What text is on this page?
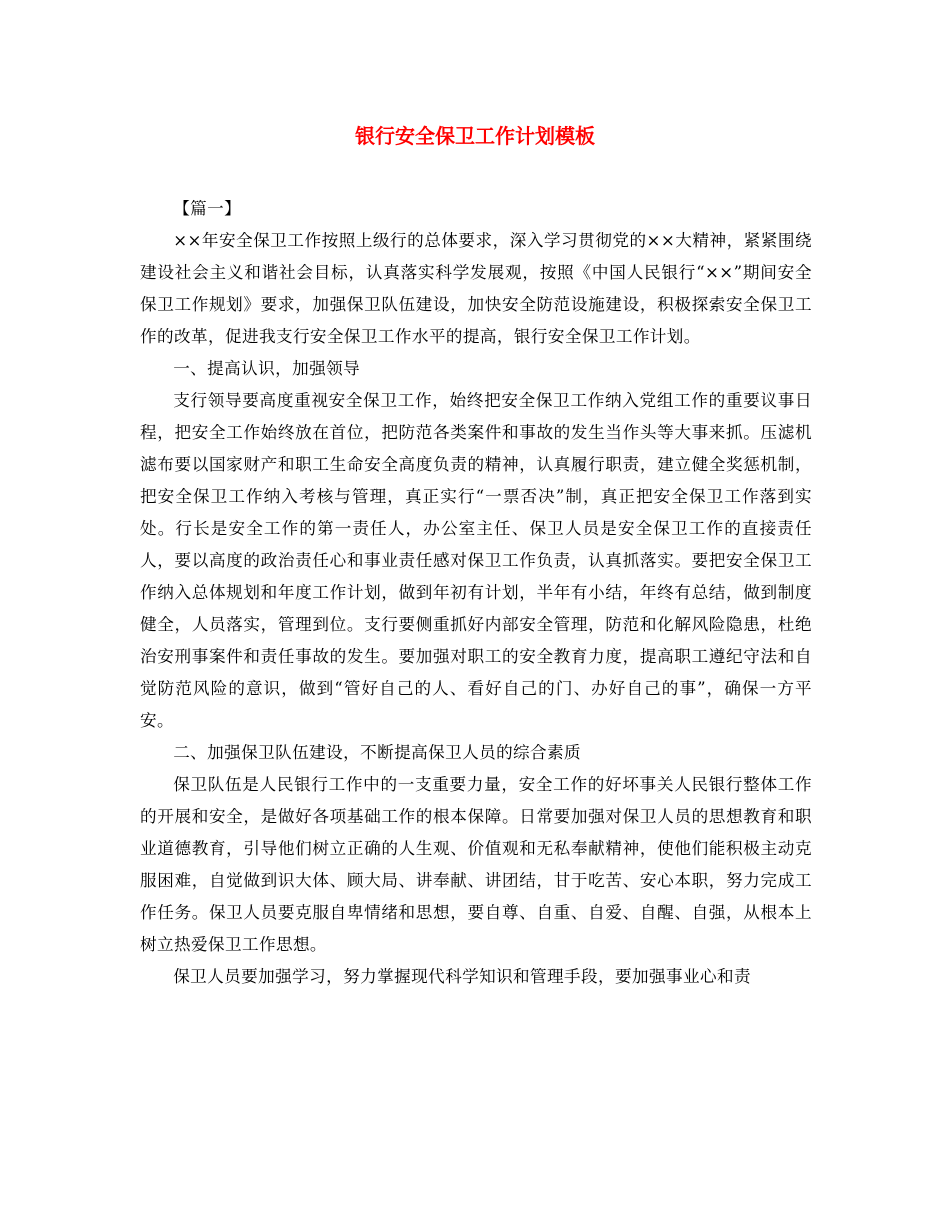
银行安全保卫工作计划模板

【篇一】

××年安全保卫工作按照上级行的总体要求，深入学习贯彻党的××大精神，紧紧围绕建设社会主义和谐社会目标，认真落实科学发展观，按照《中国人民银行“××”期间安全保卫工作规划》要求，加强保卫队伍建设，加快安全防范设施建设，积极探索安全保卫工作的改革，促进我支行安全保卫工作水平的提高，银行安全保卫工作计划。

一、提高认识，加强领导

支行领导要高度重视安全保卫工作，始终把安全保卫工作纳入党组工作的重要议事日程，把安全工作始终放在首位，把防范各类案件和事故的发生当作头等大事来抓。压滤机滤布要以国家财产和职工生命安全高度负责的精神，认真履行职责，建立健全奖惩机制，把安全保卫工作纳入考核与管理，真正实行“一票否决”制，真正把安全保卫工作落到实处。行长是安全工作的第一责任人，办公室主任、保卫人员是安全保卫工作的直接责任人，要以高度的政治责任心和事业责任感对保卫工作负责，认真抓落实。要把安全保卫工作纳入总体规划和年度工作计划，做到年初有计划，半年有小结，年终有总结，做到制度健全，人员落实，管理到位。支行要侧重抓好内部安全管理，防范和化解风险隐患，杜绝治安刑事案件和责任事故的发生。要加强对职工的安全教育力度，提高职工遵纪守法和自觉防范风险的意识，做到“管好自己的人、看好自己的门、办好自己的事”，确保一方平安。

二、加强保卫队伍建设，不断提高保卫人员的综合素质

保卫队伍是人民银行工作中的一支重要力量，安全工作的好坏事关人民银行整体工作的开展和安全，是做好各项基础工作的根本保障。日常要加强对保卫人员的思想教育和职业道德教育，引导他们树立正确的人生观、价值观和无私奉献精神，使他们能积极主动克服困难，自觉做到识大体、顾大局、讲奉献、讲团结，甘于吃苦、安心本职，努力完成工作任务。保卫人员要克服自卑情绪和思想，要自尊、自重、自爱、自醒、自强，从根本上树立热爱保卫工作思想。

保卫人员要加强学习，努力掌握现代科学知识和管理手段，要加强事业心和责
